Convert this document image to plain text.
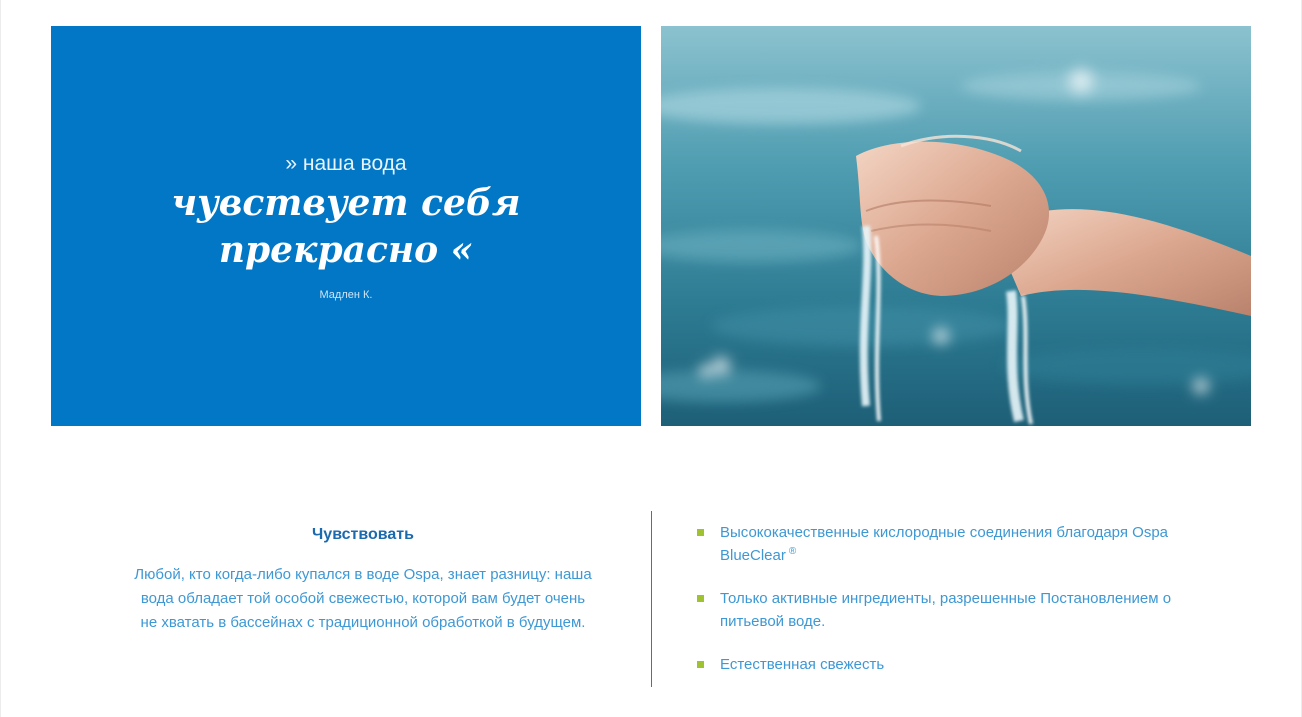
» наша вода

чувствует себя прекрасно «

Мадлен К.
Чувствовать

Любой, кто когда-либо купался в воде Ospa, знает разницу: наша вода обладает той особой свежестью, которой вам будет очень не хватать в бассейнах с традиционной обработкой в будущем.

Высококачественные кислородные соединения благодаря Ospa BlueClear ®
Только активные ингредиенты, разрешенные Постановлением о питьевой воде.
Естественная свежесть
